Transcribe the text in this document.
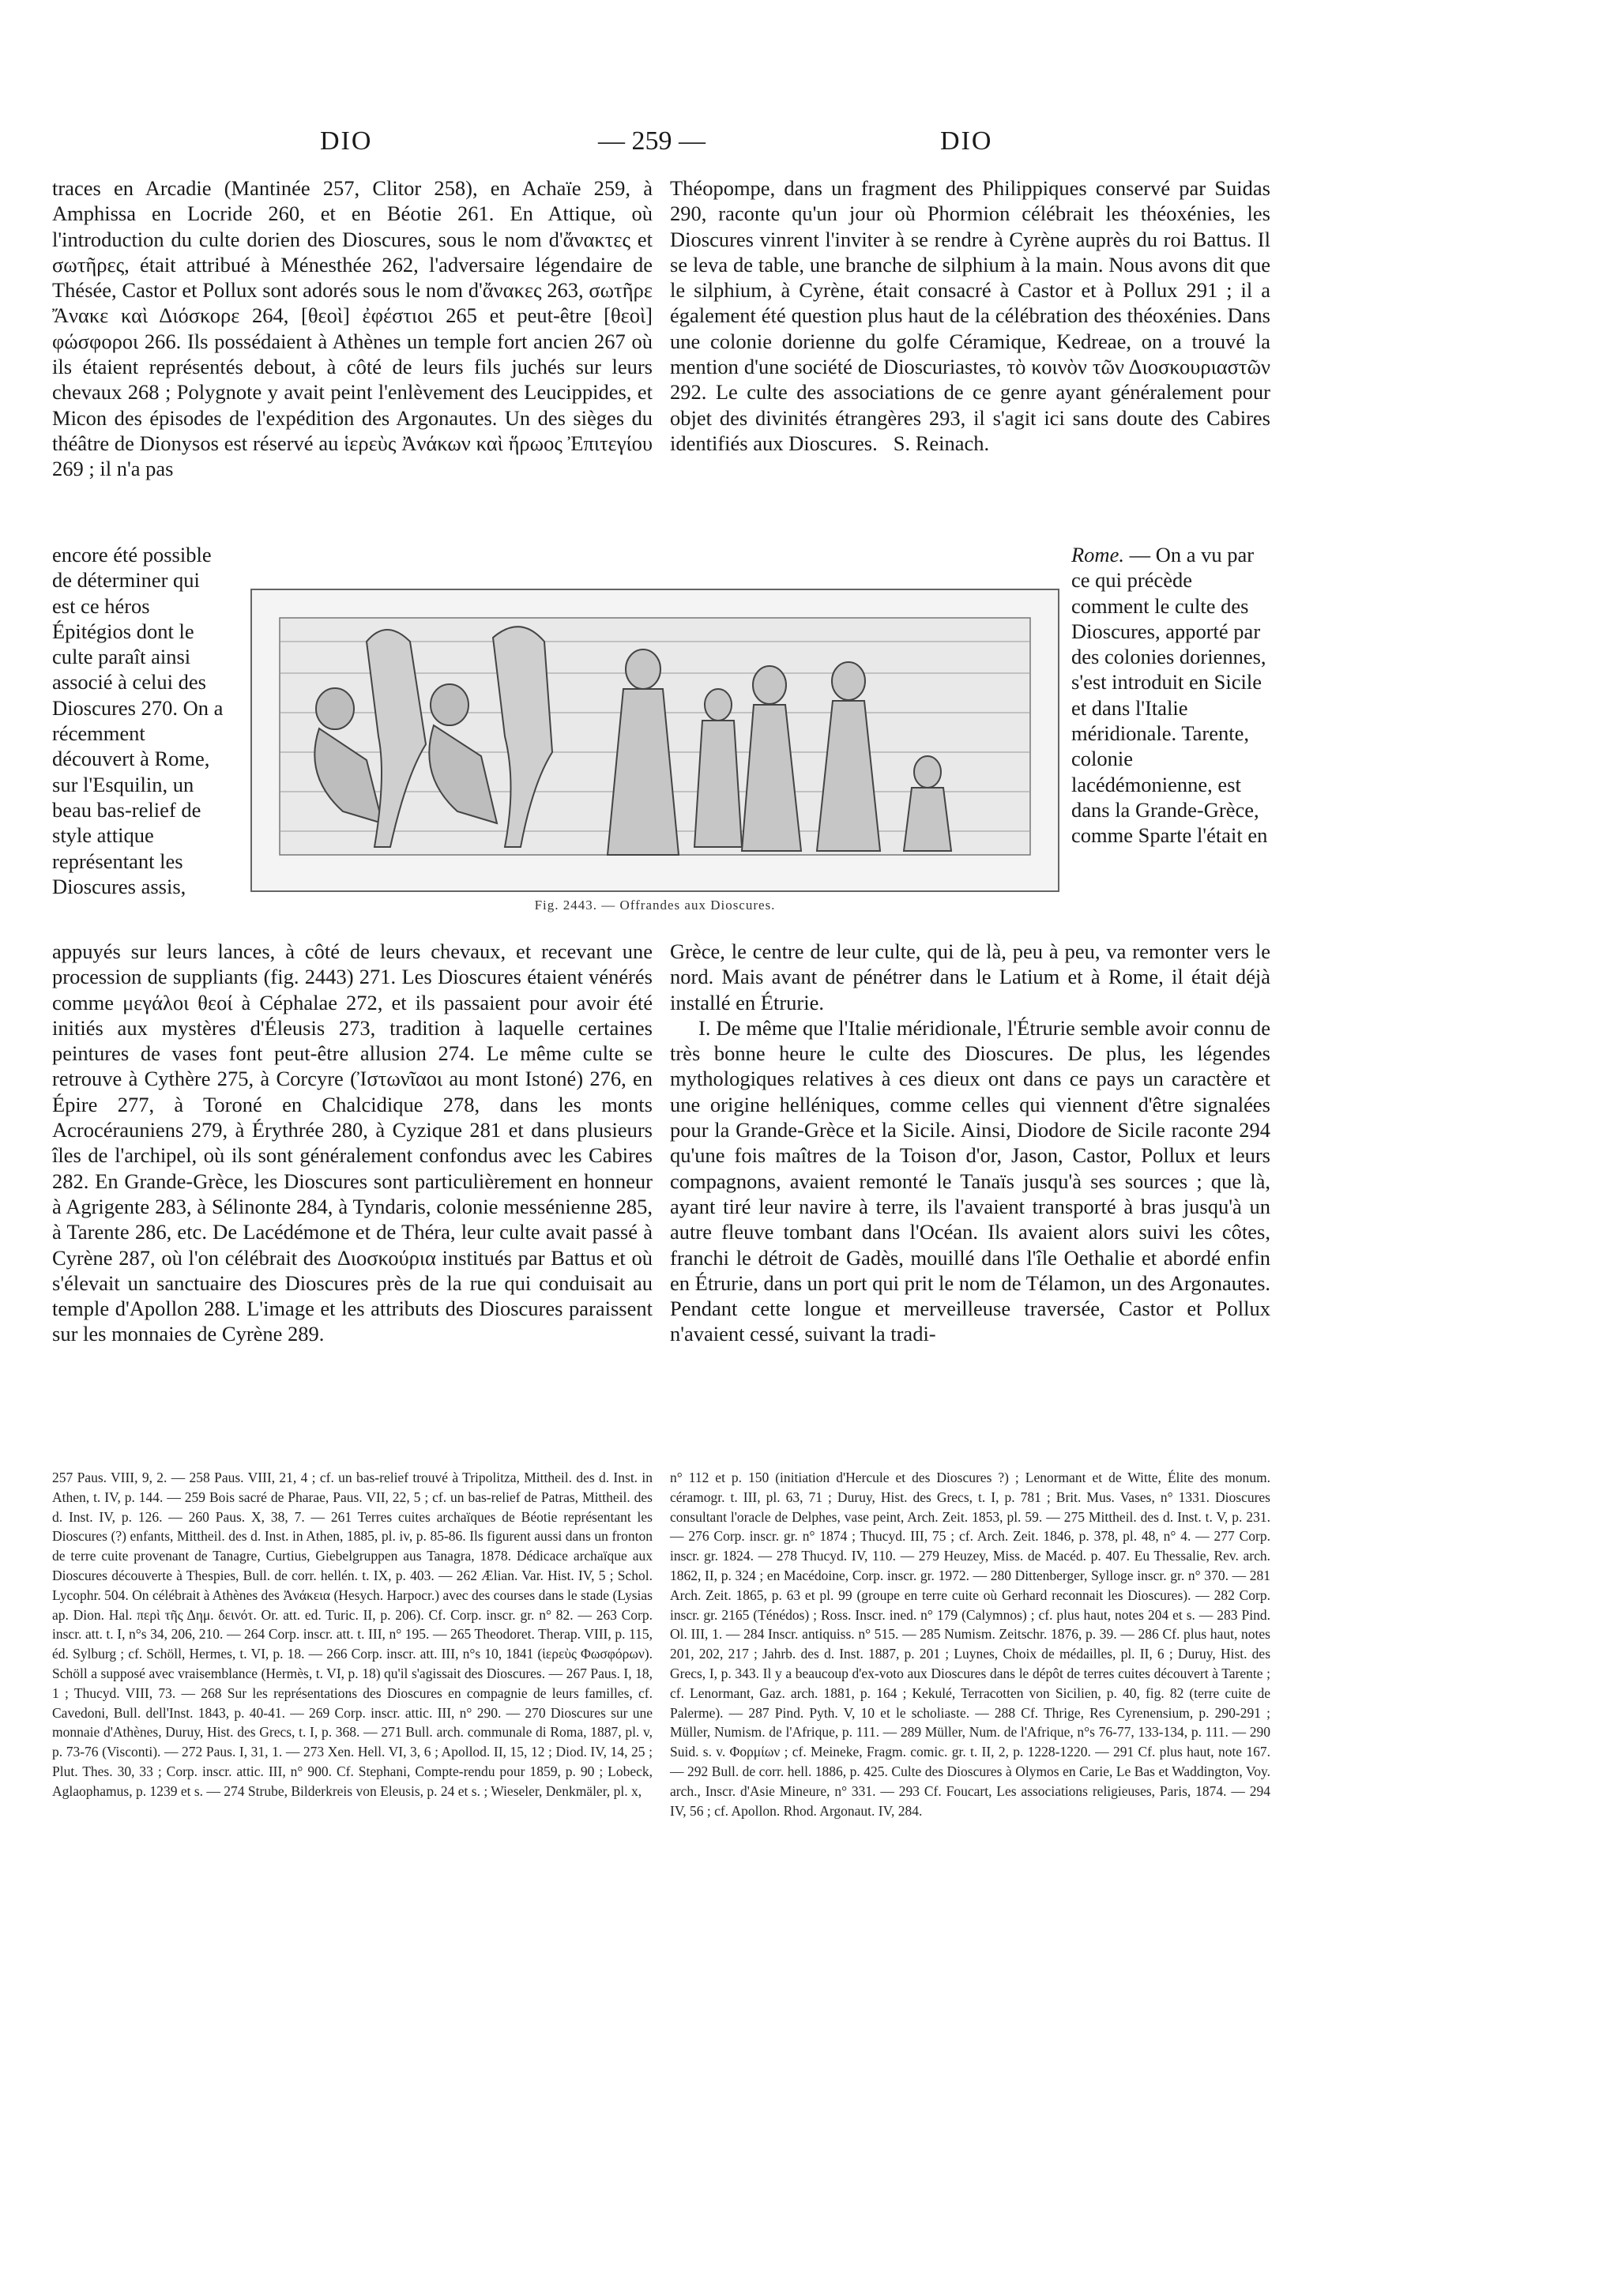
DIO	— 259 —	DIO

traces en Arcadie (Mantinée 257, Clitor 258), en Achaïe 259, à Amphissa en Locride 260, et en Béotie 261. En Attique, où l'introduction du culte dorien des Dioscures, sous le nom d'ἄνακτες et σωτῆρες, était attribué à Ménesthée 262, l'adversaire légendaire de Thésée, Castor et Pollux sont adorés sous le nom d'ἄνακες 263, σωτῆρε Ἄνακε καὶ Διόσκορε 264, [θεοὶ] ἐφέστιοι 265 et peut-être [θεοὶ] φώσφοροι 266. Ils possédaient à Athènes un temple fort ancien 267 où ils étaient représentés debout, à côté de leurs fils juchés sur leurs chevaux 268 ; Polygnote y avait peint l'enlèvement des Leucippides, et Micon des épisodes de l'expédition des Argonautes. Un des sièges du théâtre de Dionysos est réservé au ἱερεὺς Ἀνάκων καὶ ἥρωος Ἐπιτεγίου 269 ; il n'a pas

encore été possible de déterminer qui est ce héros Épitégios dont le culte paraît ainsi associé à celui des Dioscures 270. On a récemment découvert à Rome, sur l'Esquilin, un beau bas-relief de style attique représentant les Dioscures assis,

appuyés sur leurs lances, à côté de leurs chevaux, et recevant une procession de suppliants (fig. 2443) 271. Les Dioscures étaient vénérés comme μεγάλοι θεοί à Céphalae 272, et ils passaient pour avoir été initiés aux mystères d'Éleusis 273, tradition à laquelle certaines peintures de vases font peut-être allusion 274. Le même culte se retrouve à Cythère 275, à Corcyre (Ἰστωνῖαοι au mont Istoné) 276, en Épire 277, à Toroné en Chalcidique 278, dans les monts Acrocérauniens 279, à Érythrée 280, à Cyzique 281 et dans plusieurs îles de l'archipel, où ils sont généralement confondus avec les Cabires 282. En Grande-Grèce, les Dioscures sont particulièrement en honneur à Agrigente 283, à Sélinonte 284, à Tyndaris, colonie messénienne 285, à Tarente 286, etc. De Lacédémone et de Théra, leur culte avait passé à Cyrène 287, où l'on célébrait des Διοσκούρια institués par Battus et où s'élevait un sanctuaire des Dioscures près de la rue qui conduisait au temple d'Apollon 288. L'image et les attributs des Dioscures paraissent sur les monnaies de Cyrène 289.

Théopompe, dans un fragment des Philippiques conservé par Suidas 290, raconte qu'un jour où Phormion célébrait les théoxénies, les Dioscures vinrent l'inviter à se rendre à Cyrène auprès du roi Battus. Il se leva de table, une branche de silphium à la main. Nous avons dit que le silphium, à Cyrène, était consacré à Castor et à Pollux 291 ; il a également été question plus haut de la célébration des théoxénies. Dans une colonie dorienne du golfe Céramique, Kedreae, on a trouvé la mention d'une société de Dioscuriastes, τὸ κοινὸν τῶν Διοσκουριαστῶν 292. Le culte des associations de ce genre ayant généralement pour objet des divinités étrangères 293, il s'agit ici sans doute des Cabires identifiés aux Dioscures. S. Reinach.

Rome. — On a vu par ce qui précède comment le culte des Dioscures, apporté par des colonies doriennes, s'est introduit en Sicile et dans l'Italie méridionale. Tarente, colonie lacédémonienne, est dans la Grande-Grèce, comme Sparte l'était en

Grèce, le centre de leur culte, qui de là, peu à peu, va remonter vers le nord. Mais avant de pénétrer dans le Latium et à Rome, il était déjà installé en Étrurie.

I. De même que l'Italie méridionale, l'Étrurie semble avoir connu de très bonne heure le culte des Dioscures. De plus, les légendes mythologiques relatives à ces dieux ont dans ce pays un caractère et une origine helléniques, comme celles qui viennent d'être signalées pour la Grande-Grèce et la Sicile. Ainsi, Diodore de Sicile raconte 294 qu'une fois maîtres de la Toison d'or, Jason, Castor, Pollux et leurs compagnons, avaient remonté le Tanaïs jusqu'à ses sources ; que là, ayant tiré leur navire à terre, ils l'avaient transporté à bras jusqu'à un autre fleuve tombant dans l'Océan. Ils avaient alors suivi les côtes, franchi le détroit de Gadès, mouillé dans l'île Oethalie et abordé enfin en Étrurie, dans un port qui prit le nom de Télamon, un des Argonautes. Pendant cette longue et merveilleuse traversée, Castor et Pollux n'avaient cessé, suivant la tradi-

Fig. 2443. — Offrandes aux Dioscures.

257 Paus. VIII, 9, 2. — 258 Paus. VIII, 21, 4 ; cf. un bas-relief trouvé à Tripolitza, Mittheil. des d. Inst. in Athen, t. IV, p. 144. — 259 Bois sacré de Pharae, Paus. VII, 22, 5 ; cf. un bas-relief de Patras, Mittheil. des d. Inst. IV, p. 126. — 260 Paus. X, 38, 7. — 261 Terres cuites archaïques de Béotie représentant les Dioscures (?) enfants, Mittheil. des d. Inst. in Athen, 1885, pl. iv, p. 85-86. Ils figurent aussi dans un fronton de terre cuite provenant de Tanagre, Curtius, Giebelgruppen aus Tanagra, 1878. Dédicace archaïque aux Dioscures découverte à Thespies, Bull. de corr. hellén. t. IX, p. 403. — 262 Ælian. Var. Hist. IV, 5 ; Schol. Lycophr. 504. On célébrait à Athènes des Ἀνάκεια (Hesych. Harpocr.) avec des courses dans le stade (Lysias ap. Dion. Hal. περὶ τῆς Δημ. δεινότ. Or. att. ed. Turic. II, p. 206). Cf. Corp. inscr. gr. n° 82. — 263 Corp. inscr. att. t. I, n°s 34, 206, 210. — 264 Corp. inscr. att. t. III, n° 195. — 265 Theodoret. Therap. VIII, p. 115, éd. Sylburg ; cf. Schöll, Hermes, t. VI, p. 18. — 266 Corp. inscr. att. III, n°s 10, 1841 (ἱερεὺς Φωσφόρων). Schöll a supposé avec vraisemblance (Hermès, t. VI, p. 18) qu'il s'agissait des Dioscures. — 267 Paus. I, 18, 1 ; Thucyd. VIII, 73. — 268 Sur les représentations des Dioscures en compagnie de leurs familles, cf. Cavedoni, Bull. dell'Inst. 1843, p. 40-41. — 269 Corp. inscr. attic. III, n° 290. — 270 Dioscures sur une monnaie d'Athènes, Duruy, Hist. des Grecs, t. I, p. 368. — 271 Bull. arch. communale di Roma, 1887, pl. v, p. 73-76 (Visconti). — 272 Paus. I, 31, 1. — 273 Xen. Hell. VI, 3, 6 ; Apollod. II, 15, 12 ; Diod. IV, 14, 25 ; Plut. Thes. 30, 33 ; Corp. inscr. attic. III, n° 900. Cf. Stephani, Compte-rendu pour 1859, p. 90 ; Lobeck, Aglaophamus, p. 1239 et s. — 274 Strube, Bilderkreis von Eleusis, p. 24 et s. ; Wieseler, Denkmäler, pl. x,

n° 112 et p. 150 (initiation d'Hercule et des Dioscures ?) ; Lenormant et de Witte, Élite des monum. céramogr. t. III, pl. 63, 71 ; Duruy, Hist. des Grecs, t. I, p. 781 ; Brit. Mus. Vases, n° 1331. Dioscures consultant l'oracle de Delphes, vase peint, Arch. Zeit. 1853, pl. 59. — 275 Mittheil. des d. Inst. t. V, p. 231. — 276 Corp. inscr. gr. n° 1874 ; Thucyd. III, 75 ; cf. Arch. Zeit. 1846, p. 378, pl. 48, n° 4. — 277 Corp. inscr. gr. 1824. — 278 Thucyd. IV, 110. — 279 Heuzey, Miss. de Macéd. p. 407. Eu Thessalie, Rev. arch. 1862, II, p. 324 ; en Macédoine, Corp. inscr. gr. 1972. — 280 Dittenberger, Sylloge inscr. gr. n° 370. — 281 Arch. Zeit. 1865, p. 63 et pl. 99 (groupe en terre cuite où Gerhard reconnait les Dioscures). — 282 Corp. inscr. gr. 2165 (Ténédos) ; Ross. Inscr. ined. n° 179 (Calymnos) ; cf. plus haut, notes 204 et s. — 283 Pind. Ol. III, 1. — 284 Inscr. antiquiss. n° 515. — 285 Numism. Zeitschr. 1876, p. 39. — 286 Cf. plus haut, notes 201, 202, 217 ; Jahrb. des d. Inst. 1887, p. 201 ; Luynes, Choix de médailles, pl. II, 6 ; Duruy, Hist. des Grecs, I, p. 343. Il y a beaucoup d'ex-voto aux Dioscures dans le dépôt de terres cuites découvert à Tarente ; cf. Lenormant, Gaz. arch. 1881, p. 164 ; Kekulé, Terracotten von Sicilien, p. 40, fig. 82 (terre cuite de Palerme). — 287 Pind. Pyth. V, 10 et le scholiaste. — 288 Cf. Thrige, Res Cyrenensium, p. 290-291 ; Müller, Numism. de l'Afrique, p. 111. — 289 Müller, Num. de l'Afrique, n°s 76-77, 133-134, p. 111. — 290 Suid. s. v. Φορμίων ; cf. Meineke, Fragm. comic. gr. t. II, 2, p. 1228-1220. — 291 Cf. plus haut, note 167. — 292 Bull. de corr. hell. 1886, p. 425. Culte des Dioscures à Olymos en Carie, Le Bas et Waddington, Voy. arch., Inscr. d'Asie Mineure, n° 331. — 293 Cf. Foucart, Les associations religieuses, Paris, 1874. — 294 IV, 56 ; cf. Apollon. Rhod. Argonaut. IV, 284.
